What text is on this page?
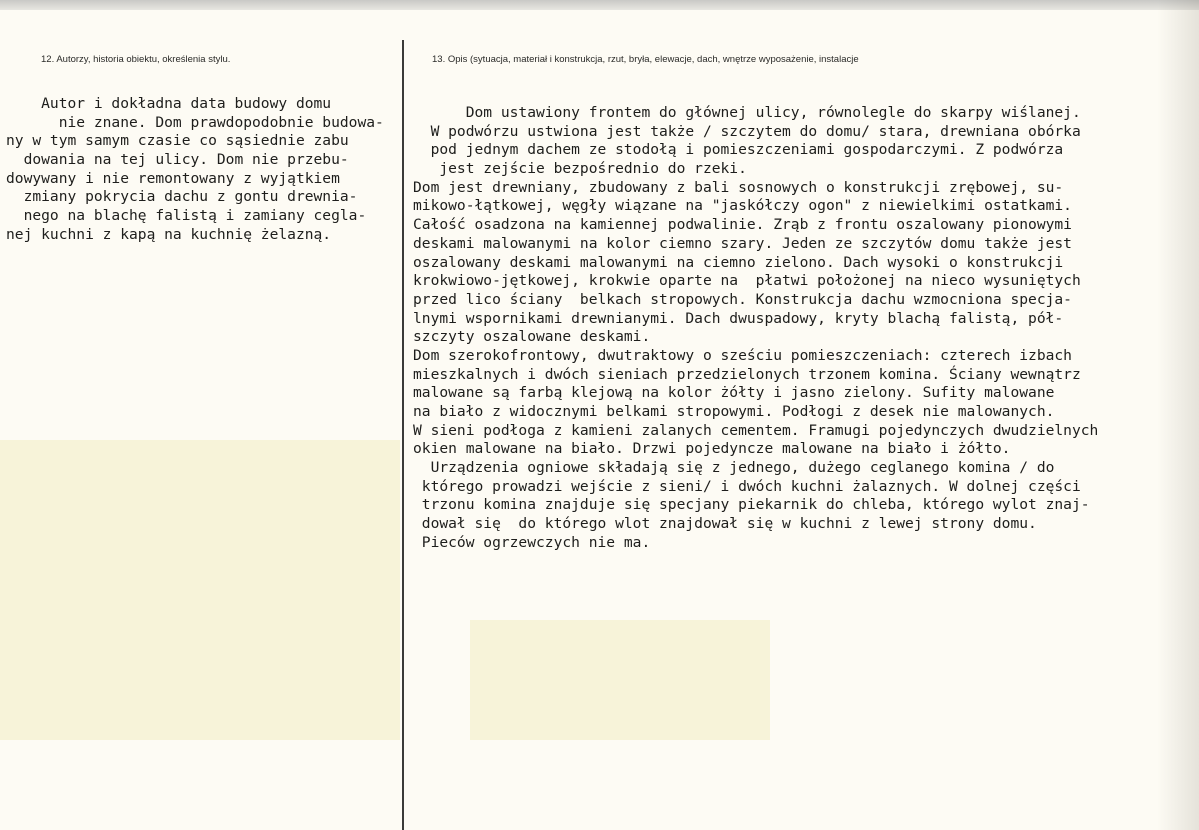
12. Autorzy, historia obiektu, określenia stylu.	13. Opis (sytuacja, materiał i konstrukcja, rzut, bryła, elewacje, dach, wnętrze wyposażenie, instalacje
Autor i dokładna data budowy domu
nie znane. Dom prawdopodobnie budowa-
ny w tym samym czasie co sąsiednie zabu
dowania na tej ulicy. Dom nie przebu-
dowywany i nie remontowany z wyjątkiem
zmiany pokrycia dachu z gontu drewnia-
nego na blachę falistą i zamiany cegla-
nej kuchni z kapą na kuchnię żelazną.
Dom ustawiony frontem do głównej ulicy, równolegle do skarpy wiślanej.
W podwórzu ustwiona jest także / szczytem do domu/ stara, drewniana obórka
pod jednym dachem ze stodołą i pomieszczeniami gospodarczymi. Z podwórza
jest zejście bezpośrednio do rzeki.
Dom jest drewniany, zbudowany z bali sosnowych o konstrukcji zrębowej, su-
mikowo-łątkowej, węgły wiązane na "jaskółczy ogon" z niewielkimi ostatkami.
Całość osadzona na kamiennej podwalinie. Zrąb z frontu oszalowany pionowymi
deskami malowanymi na kolor ciemno szary. Jeden ze szczytów domu także jest
oszalowany deskami malowanymi na ciemno zielono. Dach wysoki o konstrukcji
krokwiowo-jętkowej, krokwie oparte na  płatwi położonej na nieco wysuniętych
przed lico ściany  belkach stropowych. Konstrukcja dachu wzmocniona specja-
lnymi wspornikami drewnianymi. Dach dwuspadowy, kryty blachą falistą, pół-
szczyty oszalowane deskami.
Dom szerokofrontowy, dwutraktowy o sześciu pomieszczeniach: czterech izbach
mieszkalnych i dwóch sieniach przedzielonych trzonem komina. Ściany wewnątrz
malowane są farbą klejową na kolor żółty i jasno zielony. Sufity malowane
na biało z widocznymi belkami stropowymi. Podłogi z desek nie malowanych.
W sieni podłoga z kamieni zalanych cementem. Framugi pojedynczych dwudzielnych
okien malowane na biało. Drzwi pojedyncze malowane na biało i żółto.
Urządzenia ogniowe składają się z jednego, dużego ceglanego komina / do
którego prowadzi wejście z sieni/ i dwóch kuchni żalaznych. W dolnej części
trzonu komina znajduje się specjany piekarnik do chleba, którego wylot znaj-
dował się  do którego wlot znajdował się w kuchni z lewej strony domu.
Pieców ogrzewczych nie ma.
